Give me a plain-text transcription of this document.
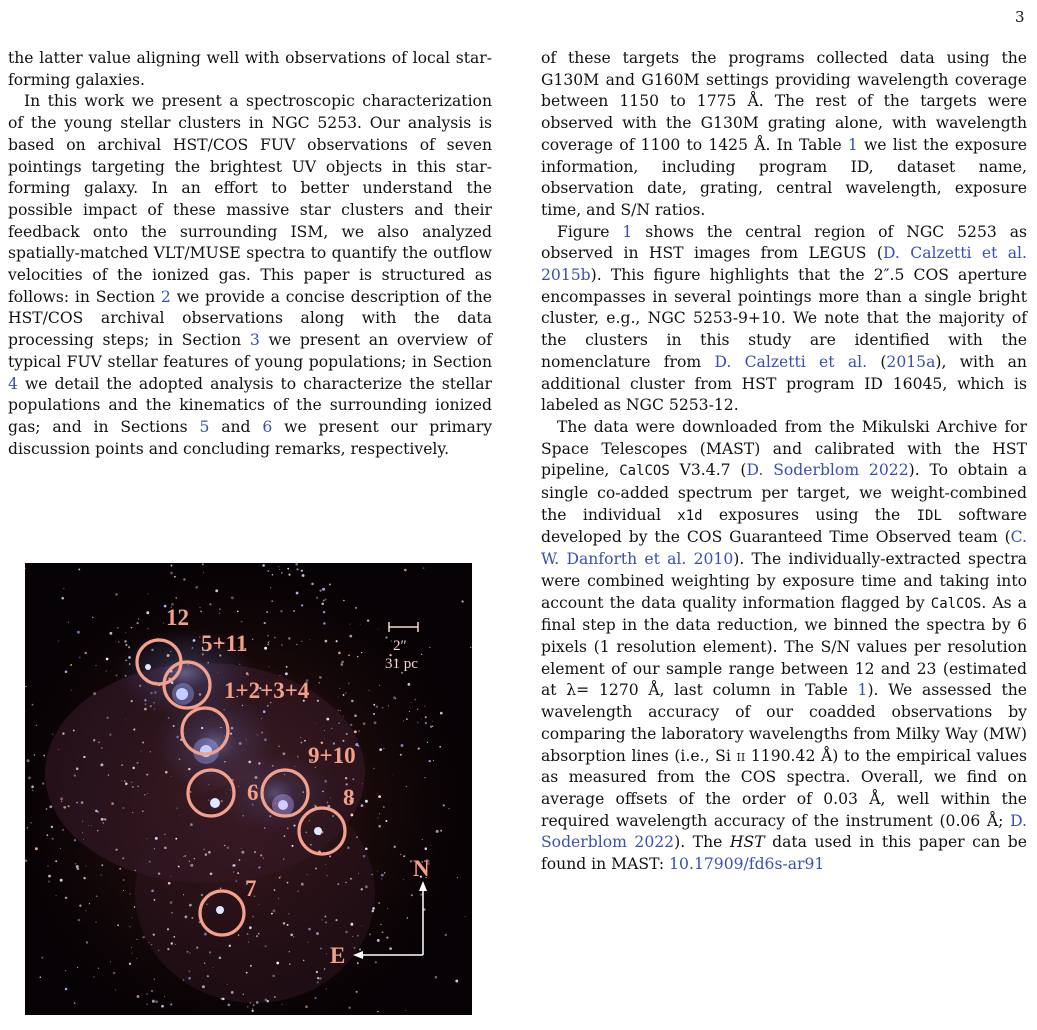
3

the latter value aligning well with observations of local star-forming galaxies.

In this work we present a spectroscopic characterization of the young stellar clusters in NGC 5253. Our analysis is based on archival HST/COS FUV observations of seven pointings targeting the brightest UV objects in this star-forming galaxy. In an effort to better understand the possible impact of these massive star clusters and their feedback onto the surrounding ISM, we also analyzed spatially-matched VLT/MUSE spectra to quantify the outflow velocities of the ionized gas. This paper is structured as follows: in Section 2 we provide a concise description of the HST/COS archival observations along with the data processing steps; in Section 3 we present an overview of typical FUV stellar features of young populations; in Section 4 we detail the adopted analysis to characterize the stellar populations and the kinematics of the surrounding ionized gas; and in Sections 5 and 6 we present our primary discussion points and concluding remarks, respectively.

12
5+11
1+2+3+4
9+10
6	8
7
2″
31 pc
N
E

of these targets the programs collected data using the G130M and G160M settings providing wavelength coverage between 1150 to 1775 Å. The rest of the targets were observed with the G130M grating alone, with wavelength coverage of 1100 to 1425 Å. In Table 1 we list the exposure information, including program ID, dataset name, observation date, grating, central wavelength, exposure time, and S/N ratios.

Figure 1 shows the central region of NGC 5253 as observed in HST images from LEGUS (D. Calzetti et al. 2015b). This figure highlights that the 2″.5 COS aperture encompasses in several pointings more than a single bright cluster, e.g., NGC 5253-9+10. We note that the majority of the clusters in this study are identified with the nomenclature from D. Calzetti et al. (2015a), with an additional cluster from HST program ID 16045, which is labeled as NGC 5253-12.

The data were downloaded from the Mikulski Archive for Space Telescopes (MAST) and calibrated with the HST pipeline, CalCOS V3.4.7 (D. Soderblom 2022). To obtain a single co-added spectrum per target, we weight-combined the individual x1d exposures using the IDL software developed by the COS Guaranteed Time Observed team (C. W. Danforth et al. 2010). The individually-extracted spectra were combined weighting by exposure time and taking into account the data quality information flagged by CalCOS. As a final step in the data reduction, we binned the spectra by 6 pixels (1 resolution element). The S/N values per resolution element of our sample range between 12 and 23 (estimated at λ= 1270 Å, last column in Table 1). We assessed the wavelength accuracy of our coadded observations by comparing the laboratory wavelengths from Milky Way (MW) absorption lines (i.e., Si ii 1190.42 Å) to the empirical values as measured from the COS spectra. Overall, we find on average offsets of the order of 0.03 Å, well within the required wavelength accuracy of the instrument (0.06 Å; D. Soderblom 2022). The HST data used in this paper can be found in MAST: 10.17909/fd6s-ar91
